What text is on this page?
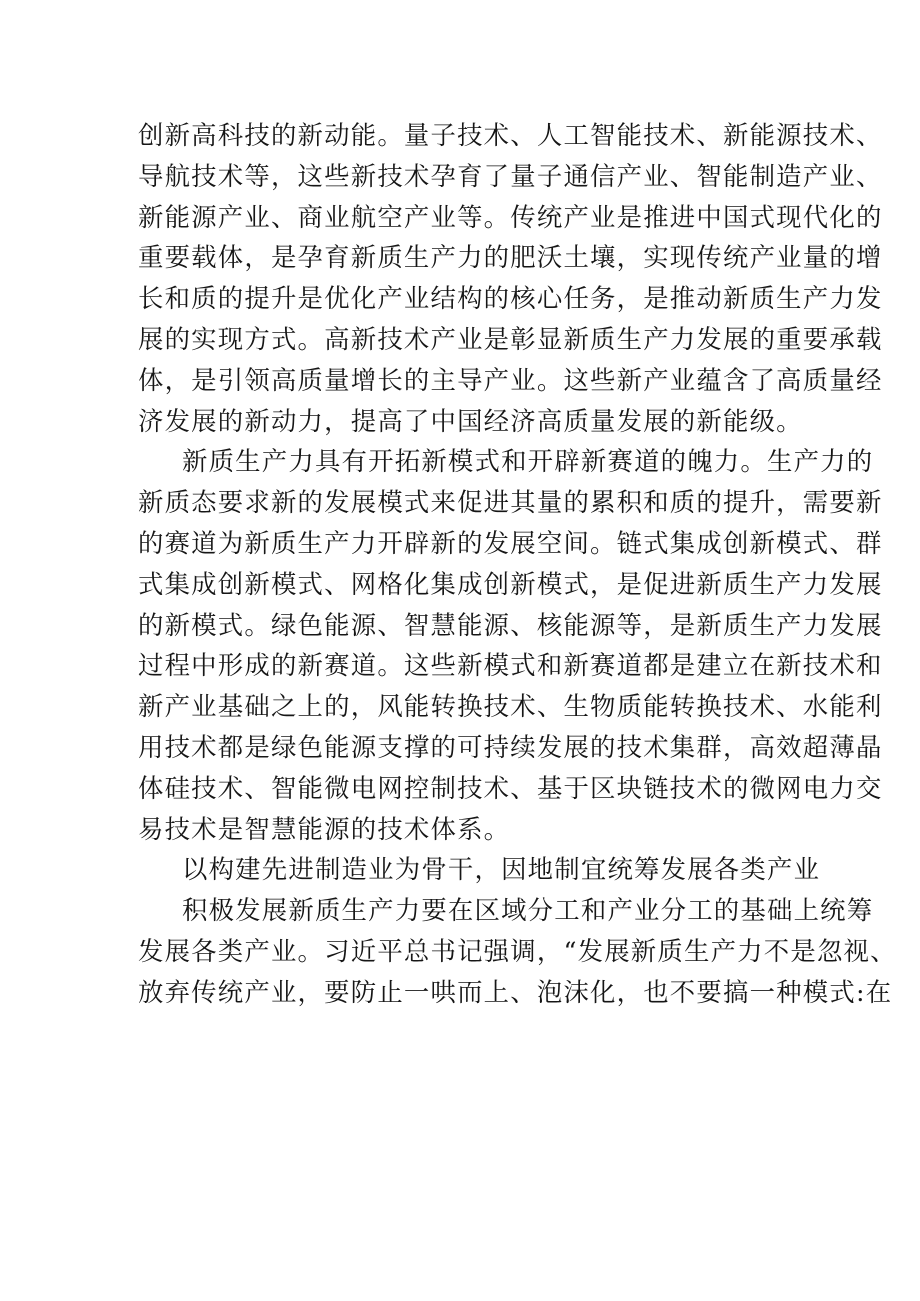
创新高科技的新动能。量子技术、人工智能技术、新能源技术、
导航技术等，这些新技术孕育了量子通信产业、智能制造产业、
新能源产业、商业航空产业等。传统产业是推进中国式现代化的
重要载体，是孕育新质生产力的肥沃土壤，实现传统产业量的增
长和质的提升是优化产业结构的核心任务，是推动新质生产力发
展的实现方式。高新技术产业是彰显新质生产力发展的重要承载
体，是引领高质量增长的主导产业。这些新产业蕴含了高质量经
济发展的新动力，提高了中国经济高质量发展的新能级。
新质生产力具有开拓新模式和开辟新赛道的魄力。生产力的
新质态要求新的发展模式来促进其量的累积和质的提升，需要新
的赛道为新质生产力开辟新的发展空间。链式集成创新模式、群
式集成创新模式、网格化集成创新模式，是促进新质生产力发展
的新模式。绿色能源、智慧能源、核能源等，是新质生产力发展
过程中形成的新赛道。这些新模式和新赛道都是建立在新技术和
新产业基础之上的，风能转换技术、生物质能转换技术、水能利
用技术都是绿色能源支撑的可持续发展的技术集群，高效超薄晶
体硅技术、智能微电网控制技术、基于区块链技术的微网电力交
易技术是智慧能源的技术体系。
以构建先进制造业为骨干，因地制宜统筹发展各类产业
积极发展新质生产力要在区域分工和产业分工的基础上统筹
发展各类产业。习近平总书记强调，“发展新质生产力不是忽视、
放弃传统产业，要防止一哄而上、泡沫化，也不要搞一种模式:在
